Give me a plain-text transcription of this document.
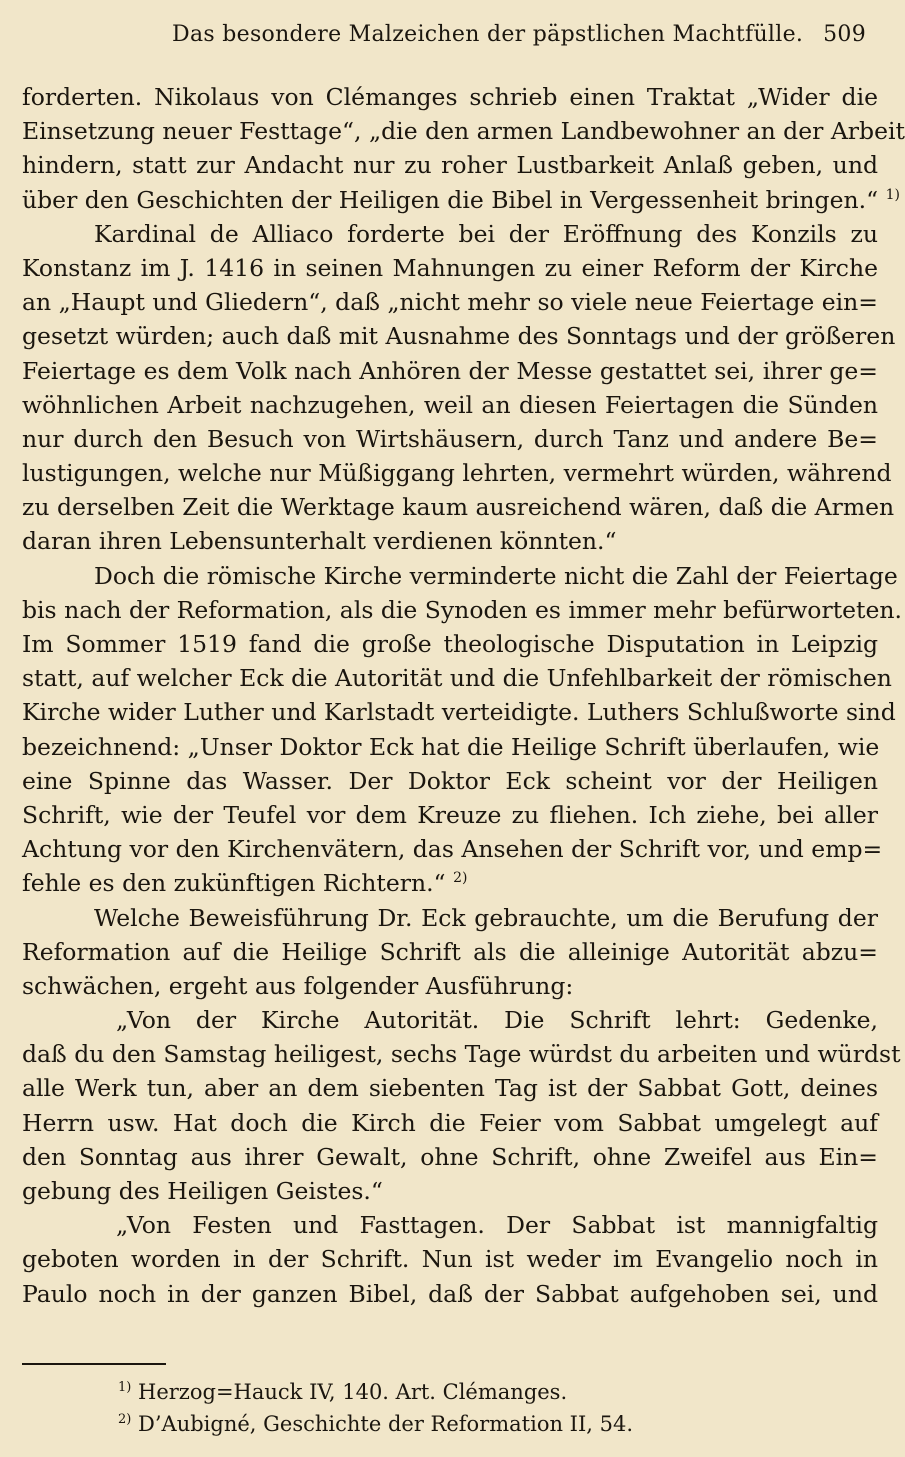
Das besondere Malzeichen der päpstlichen Machtfülle. 509
forderten. Nikolaus von Clémanges schrieb einen Traktat „Wider die
Einsetzung neuer Festtage“, „die den armen Landbewohner an der Arbeit
hindern, statt zur Andacht nur zu roher Lustbarkeit Anlaß geben, und
über den Geschichten der Heiligen die Bibel in Vergessenheit bringen.“ $^{1)}$
Kardinal de Alliaco forderte bei der Eröffnung des Konzils zu
Konstanz im J. 1416 in seinen Mahnungen zu einer Reform der Kirche
an „Haupt und Gliedern“, daß „nicht mehr so viele neue Feiertage ein=
gesetzt würden; auch daß mit Ausnahme des Sonntags und der größeren
Feiertage es dem Volk nach Anhören der Messe gestattet sei, ihrer ge=
wöhnlichen Arbeit nachzugehen, weil an diesen Feiertagen die Sünden
nur durch den Besuch von Wirtshäusern, durch Tanz und andere Be=
lustigungen, welche nur Müßiggang lehrten, vermehrt würden, während
zu derselben Zeit die Werktage kaum ausreichend wären, daß die Armen
daran ihren Lebensunterhalt verdienen könnten.“
Doch die römische Kirche verminderte nicht die Zahl der Feiertage
bis nach der Reformation, als die Synoden es immer mehr befürworteten.
Im Sommer 1519 fand die große theologische Disputation in Leipzig
statt, auf welcher Eck die Autorität und die Unfehlbarkeit der römischen
Kirche wider Luther und Karlstadt verteidigte. Luthers Schlußworte sind
bezeichnend: „Unser Doktor Eck hat die Heilige Schrift überlaufen, wie
eine Spinne das Wasser. Der Doktor Eck scheint vor der Heiligen
Schrift, wie der Teufel vor dem Kreuze zu fliehen. Ich ziehe, bei aller
Achtung vor den Kirchenvätern, das Ansehen der Schrift vor, und emp=
fehle es den zukünftigen Richtern.“ $^{2)}$
Welche Beweisführung Dr. Eck gebrauchte, um die Berufung der
Reformation auf die Heilige Schrift als die alleinige Autorität abzu=
schwächen, ergeht aus folgender Ausführung:
„Von der Kirche Autorität. Die Schrift lehrt: Gedenke,
daß du den Samstag heiligest, sechs Tage würdst du arbeiten und würdst
alle Werk tun, aber an dem siebenten Tag ist der Sabbat Gott, deines
Herrn usw. Hat doch die Kirch die Feier vom Sabbat umgelegt auf
den Sonntag aus ihrer Gewalt, ohne Schrift, ohne Zweifel aus Ein=
gebung des Heiligen Geistes.“
„Von Festen und Fasttagen. Der Sabbat ist mannigfaltig
geboten worden in der Schrift. Nun ist weder im Evangelio noch in
Paulo noch in der ganzen Bibel, daß der Sabbat aufgehoben sei, und
$^{1)}$ Herzog=Hauck IV, 140. Art. Clémanges.
$^{2)}$ D’Aubigné, Geschichte der Reformation II, 54.
